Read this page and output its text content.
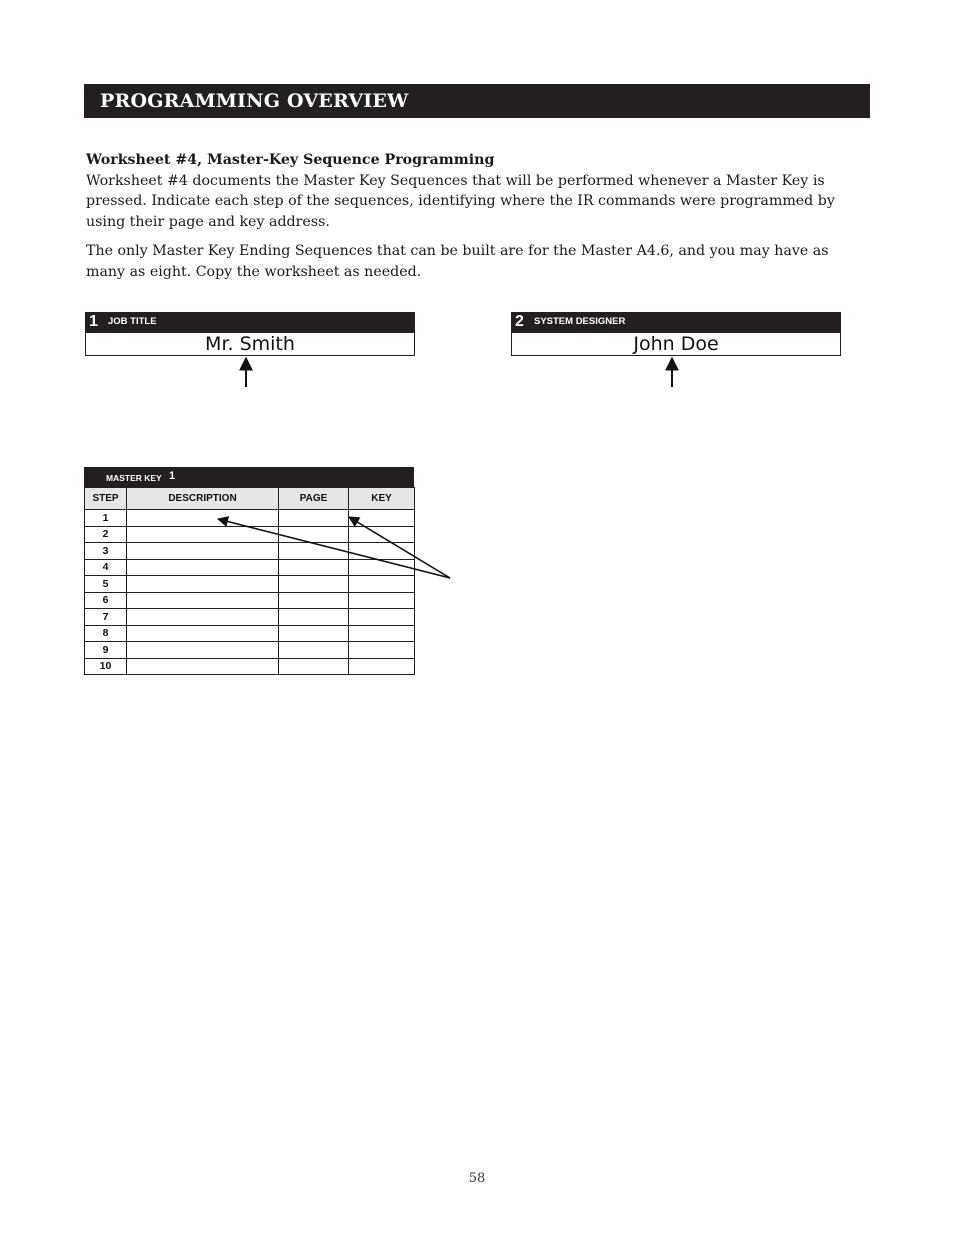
PROGRAMMING OVERVIEW

Worksheet #4, Master-Key Sequence Programming
Worksheet #4 documents the Master Key Sequences that will be performed whenever a Master Key is pressed. Indicate each step of the sequences, identifying where the IR commands were programmed by using their page and key address.

The only Master Key Ending Sequences that can be built are for the Master A4.6, and you may have as many as eight. Copy the worksheet as needed.

1 JOB TITLE
Mr. Smith
2 SYSTEM DESIGNER
John Doe
MASTER KEY 1
STEP	DESCRIPTION	PAGE	KEY
1			
2			
3			
4			
5			
6			
7			
8			
9			
10			
58
